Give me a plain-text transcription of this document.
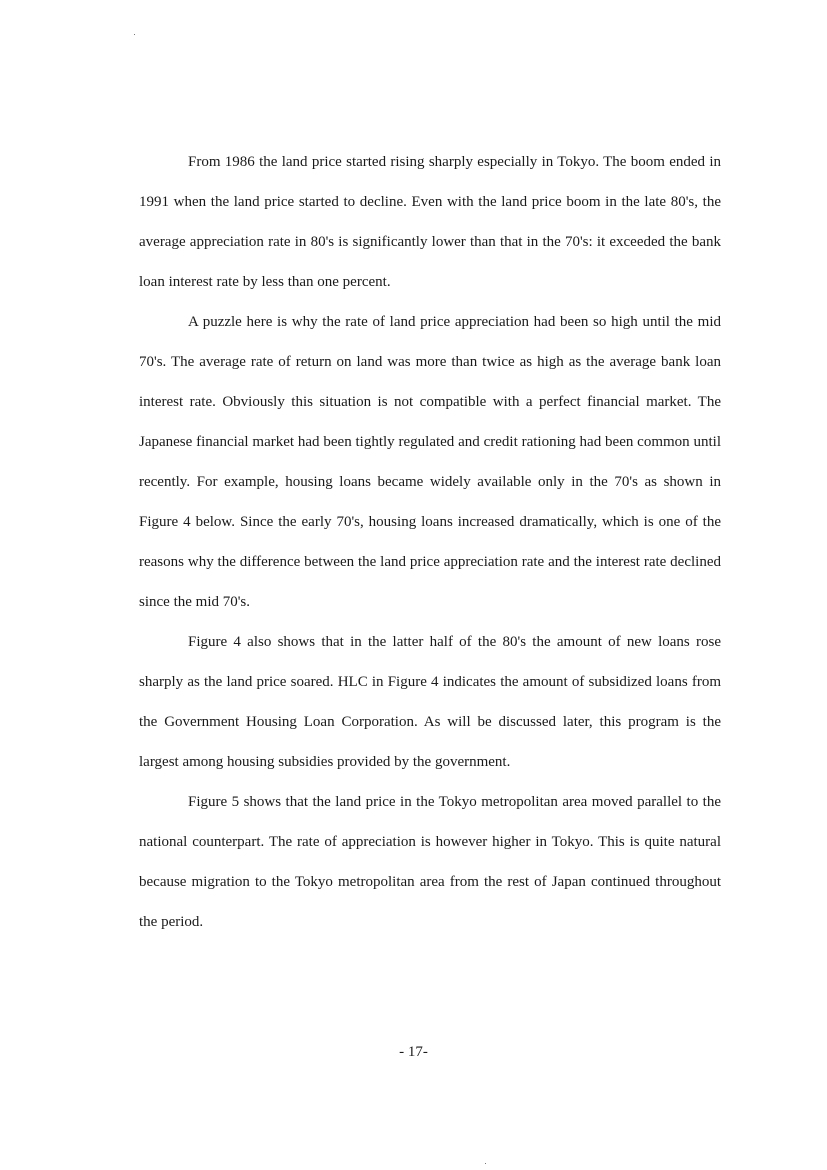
From 1986 the land price started rising sharply especially in Tokyo. The boom ended in 1991 when the land price started to decline. Even with the land price boom in the late 80's, the average appreciation rate in 80's is significantly lower than that in the 70's: it exceeded the bank loan interest rate by less than one percent.

A puzzle here is why the rate of land price appreciation had been so high until the mid 70's. The average rate of return on land was more than twice as high as the average bank loan interest rate. Obviously this situation is not compatible with a perfect financial market. The Japanese financial market had been tightly regulated and credit rationing had been common until recently. For example, housing loans became widely available only in the 70's as shown in Figure 4 below. Since the early 70's, housing loans increased dramatically, which is one of the reasons why the difference between the land price appreciation rate and the interest rate declined since the mid 70's.

Figure 4 also shows that in the latter half of the 80's the amount of new loans rose sharply as the land price soared. HLC in Figure 4 indicates the amount of subsidized loans from the Government Housing Loan Corporation. As will be discussed later, this program is the largest among housing subsidies provided by the government.

Figure 5 shows that the land price in the Tokyo metropolitan area moved parallel to the national counterpart. The rate of appreciation is however higher in Tokyo. This is quite natural because migration to the Tokyo metropolitan area from the rest of Japan continued throughout the period.

- 17-
